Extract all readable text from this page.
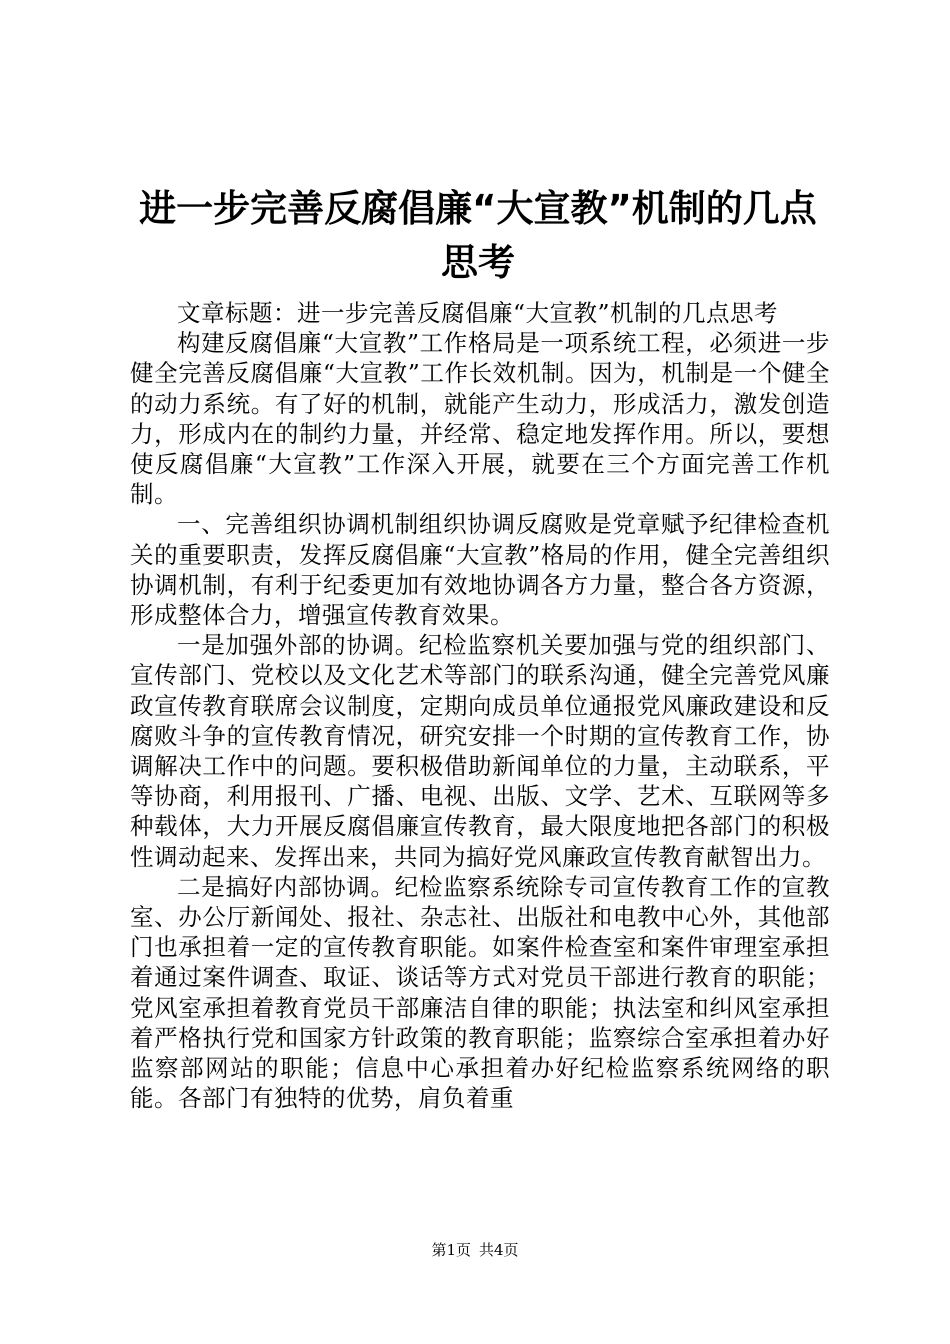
进一步完善反腐倡廉“大宣教”机制的几点思考

文章标题：进一步完善反腐倡廉“大宣教”机制的几点思考

构建反腐倡廉“大宣教”工作格局是一项系统工程，必须进一步健全完善反腐倡廉“大宣教”工作长效机制。因为，机制是一个健全的动力系统。有了好的机制，就能产生动力，形成活力，激发创造力，形成内在的制约力量，并经常、稳定地发挥作用。所以，要想使反腐倡廉“大宣教”工作深入开展，就要在三个方面完善工作机制。

一、完善组织协调机制组织协调反腐败是党章赋予纪律检查机关的重要职责，发挥反腐倡廉“大宣教”格局的作用，健全完善组织协调机制，有利于纪委更加有效地协调各方力量，整合各方资源，形成整体合力，增强宣传教育效果。

一是加强外部的协调。纪检监察机关要加强与党的组织部门、宣传部门、党校以及文化艺术等部门的联系沟通，健全完善党风廉政宣传教育联席会议制度，定期向成员单位通报党风廉政建设和反腐败斗争的宣传教育情况，研究安排一个时期的宣传教育工作，协调解决工作中的问题。要积极借助新闻单位的力量，主动联系，平等协商，利用报刊、广播、电视、出版、文学、艺术、互联网等多种载体，大力开展反腐倡廉宣传教育，最大限度地把各部门的积极性调动起来、发挥出来，共同为搞好党风廉政宣传教育献智出力。

二是搞好内部协调。纪检监察系统除专司宣传教育工作的宣教室、办公厅新闻处、报社、杂志社、出版社和电教中心外，其他部门也承担着一定的宣传教育职能。如案件检查室和案件审理室承担着通过案件调查、取证、谈话等方式对党员干部进行教育的职能；党风室承担着教育党员干部廉洁自律的职能；执法室和纠风室承担着严格执行党和国家方针政策的教育职能；监察综合室承担着办好监察部网站的职能；信息中心承担着办好纪检监察系统网络的职能。各部门有独特的优势，肩负着重

第1页 共4页
